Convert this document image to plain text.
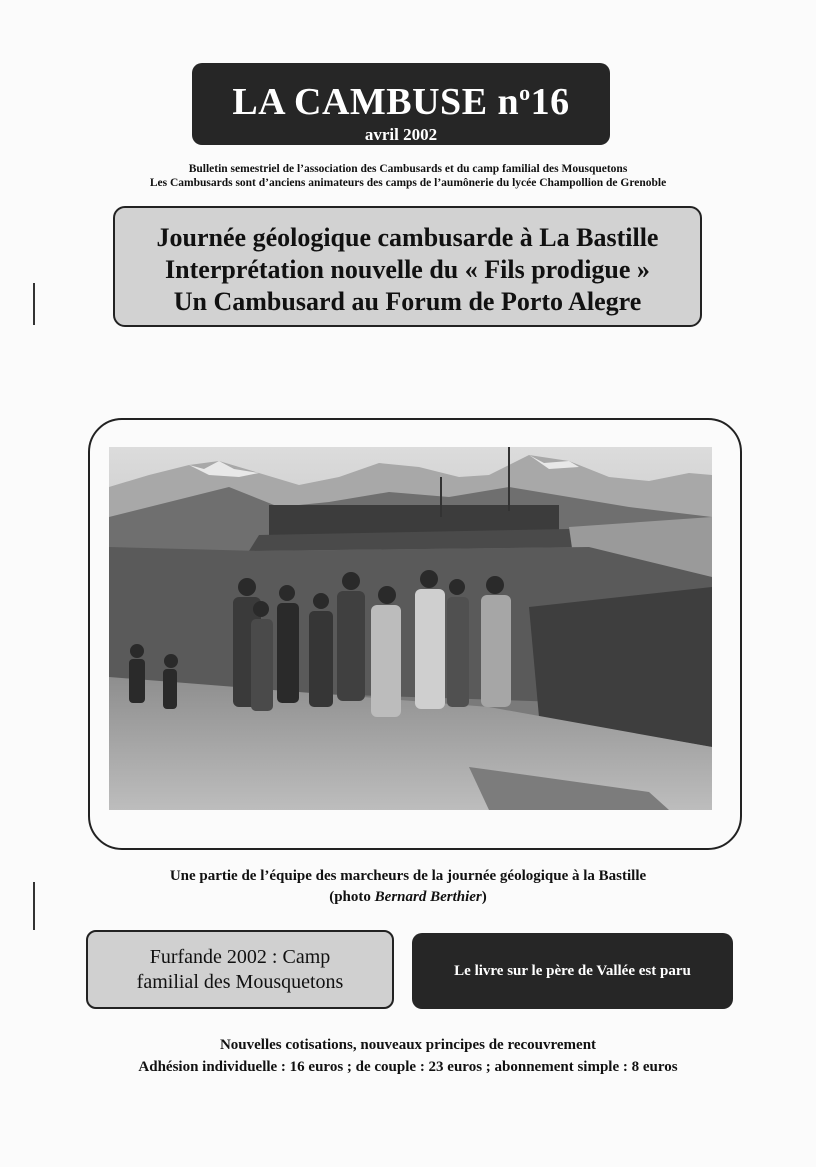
LA CAMBUSE $n^o16$
avril 2002
Bulletin semestriel de l’association des Cambusards et du camp familial des Mousquetons
Les Cambusards sont d’anciens animateurs des camps de l’aumônerie du lycée Champollion de Grenoble
Journée géologique cambusarde à La Bastille
Interprétation nouvelle du « Fils prodigue »
Un Cambusard au Forum de Porto Alegre
Une partie de l’équipe des marcheurs de la journée géologique à la Bastille
(photo Bernard Berthier)
Furfande 2002 : Camp
familial des Mousquetons
Le livre sur le père de Vallée est paru
Nouvelles cotisations, nouveaux principes de recouvrement
Adhésion individuelle : 16 euros ; de couple : 23 euros ; abonnement simple : 8 euros
